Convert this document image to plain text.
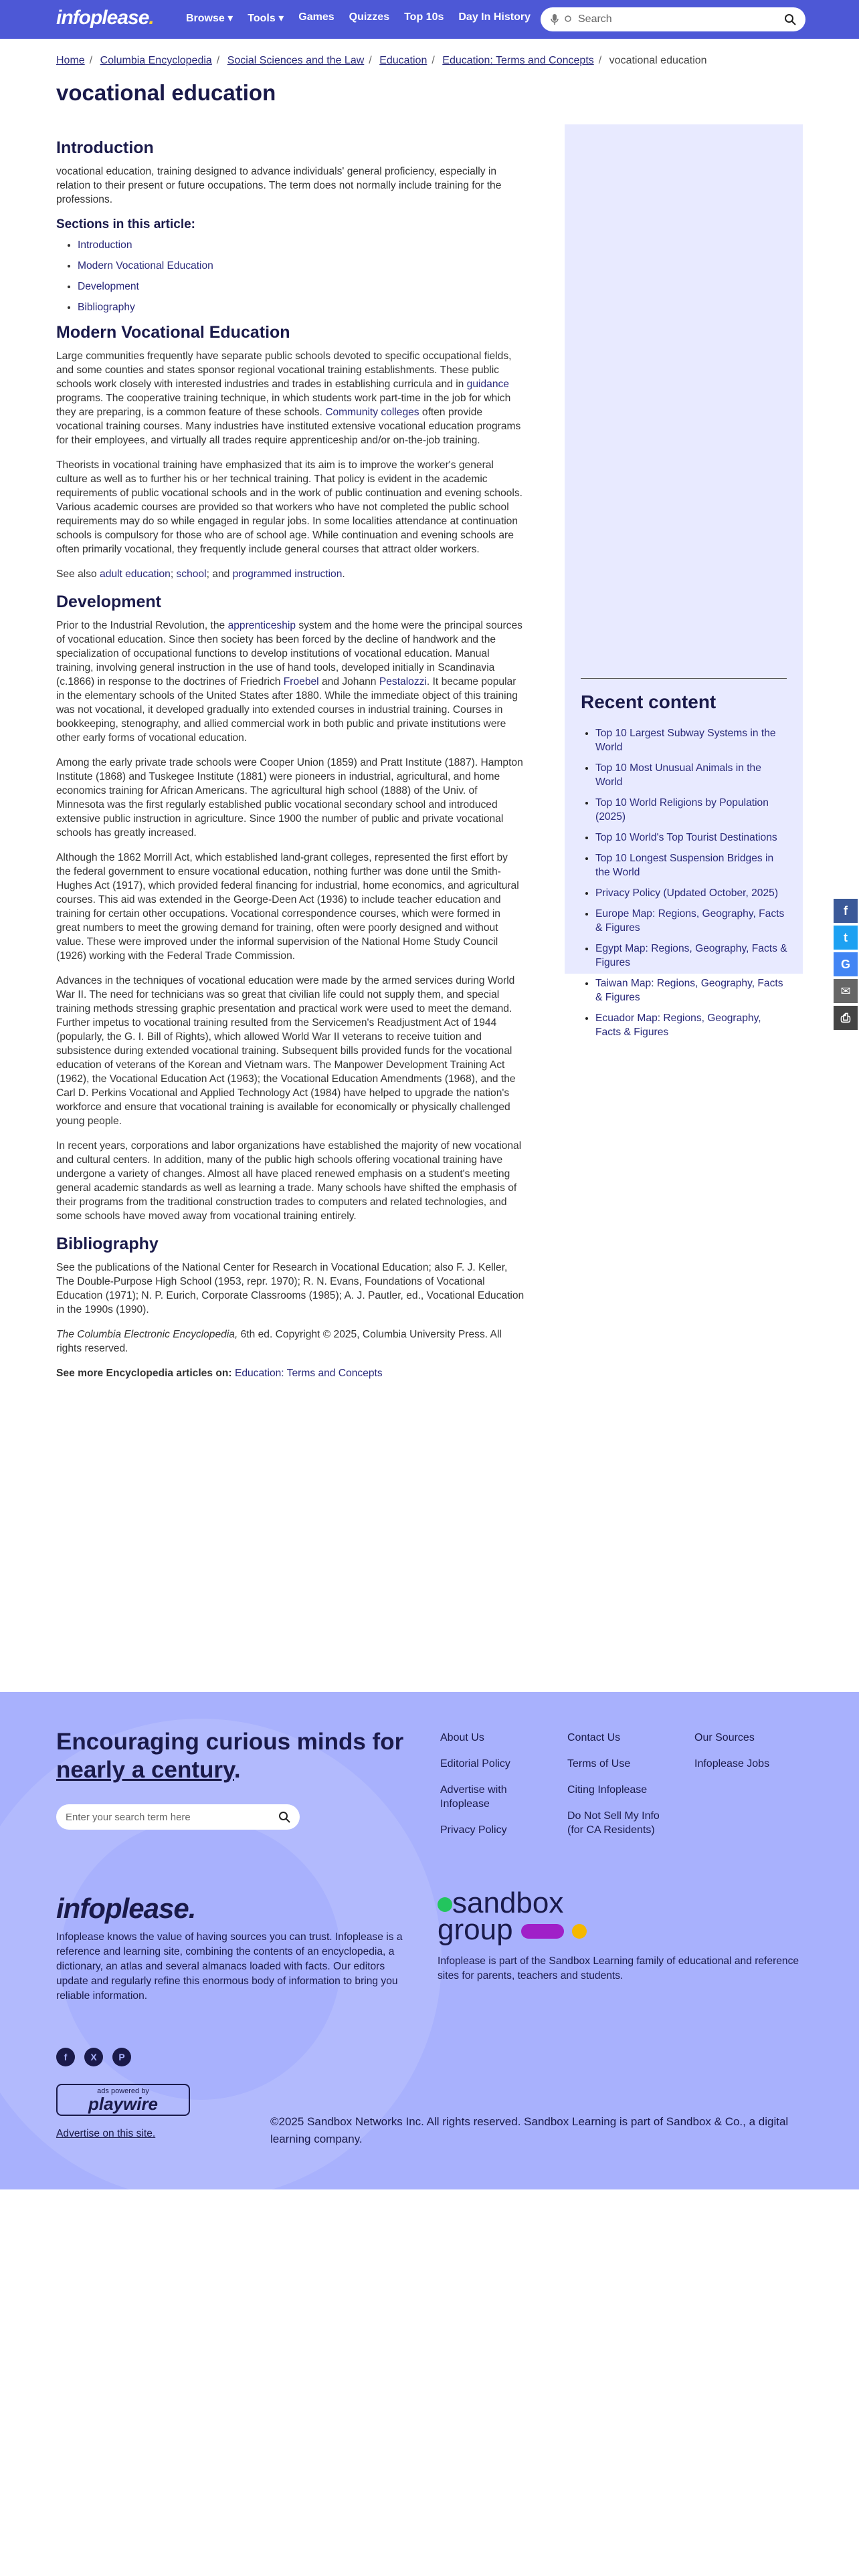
infoplease.	Browse ▾ Tools ▾ Games Quizzes Top 10s Day In History	Search
Home / Columbia Encyclopedia / Social Sciences and the Law / Education / Education: Terms and Concepts / vocational education
vocational education
Introduction

vocational education, training designed to advance individuals' general proficiency, especially in relation to their present or future occupations. The term does not normally include training for the professions.

Sections in this article:
• Introduction
• Modern Vocational Education
• Development
• Bibliography
Modern Vocational Education

Large communities frequently have separate public schools devoted to specific occupational fields, and some counties and states sponsor regional vocational training establishments. These public schools work closely with interested industries and trades in establishing curricula and in guidance programs. The cooperative training technique, in which students work part-time in the job for which they are preparing, is a common feature of these schools. Community colleges often provide vocational training courses. Many industries have instituted extensive vocational education programs for their employees, and virtually all trades require apprenticeship and/or on-the-job training.

Theorists in vocational training have emphasized that its aim is to improve the worker's general culture as well as to further his or her technical training. That policy is evident in the academic requirements of public vocational schools and in the work of public continuation and evening schools. Various academic courses are provided so that workers who have not completed the public school requirements may do so while engaged in regular jobs. In some localities attendance at continuation schools is compulsory for those who are of school age. While continuation and evening schools are often primarily vocational, they frequently include general courses that attract older workers.

See also adult education; school; and programmed instruction.

Development

Prior to the Industrial Revolution, the apprenticeship system and the home were the principal sources of vocational education. Since then society has been forced by the decline of handwork and the specialization of occupational functions to develop institutions of vocational education. Manual training, involving general instruction in the use of hand tools, developed initially in Scandinavia (c.1866) in response to the doctrines of Friedrich Froebel and Johann Pestalozzi. It became popular in the elementary schools of the United States after 1880. While the immediate object of this training was not vocational, it developed gradually into extended courses in industrial training. Courses in bookkeeping, stenography, and allied commercial work in both public and private institutions were other early forms of vocational education.

Among the early private trade schools were Cooper Union (1859) and Pratt Institute (1887). Hampton Institute (1868) and Tuskegee Institute (1881) were pioneers in industrial, agricultural, and home economics training for African Americans. The agricultural high school (1888) of the Univ. of Minnesota was the first regularly established public vocational secondary school and introduced extensive public instruction in agriculture. Since 1900 the number of public and private vocational schools has greatly increased.

Although the 1862 Morrill Act, which established land-grant colleges, represented the first effort by the federal government to ensure vocational education, nothing further was done until the Smith-Hughes Act (1917), which provided federal financing for industrial, home economics, and agricultural courses. This aid was extended in the George-Deen Act (1936) to include teacher education and training for certain other occupations. Vocational correspondence courses, which were formed in great numbers to meet the growing demand for training, often were poorly designed and without value. These were improved under the informal supervision of the National Home Study Council (1926) working with the Federal Trade Commission.

Advances in the techniques of vocational education were made by the armed services during World War II. The need for technicians was so great that civilian life could not supply them, and special training methods stressing graphic presentation and practical work were used to meet the demand. Further impetus to vocational training resulted from the Servicemen's Readjustment Act of 1944 (popularly, the G. I. Bill of Rights), which allowed World War II veterans to receive tuition and subsistence during extended vocational training. Subsequent bills provided funds for the vocational education of veterans of the Korean and Vietnam wars. The Manpower Development Training Act (1962), the Vocational Education Act (1963); the Vocational Education Amendments (1968), and the Carl D. Perkins Vocational and Applied Technology Act (1984) have helped to upgrade the nation's workforce and ensure that vocational training is available for economically or physically challenged young people.

In recent years, corporations and labor organizations have established the majority of new vocational and cultural centers. In addition, many of the public high schools offering vocational training have undergone a variety of changes. Almost all have placed renewed emphasis on a student's meeting general academic standards as well as learning a trade. Many schools have shifted the emphasis of their programs from the traditional construction trades to computers and related technologies, and some schools have moved away from vocational training entirely.

Bibliography

See the publications of the National Center for Research in Vocational Education; also F. J. Keller, The Double-Purpose High School (1953, repr. 1970); R. N. Evans, Foundations of Vocational Education (1971); N. P. Eurich, Corporate Classrooms (1985); A. J. Pautler, ed., Vocational Education in the 1990s (1990).

The Columbia Electronic Encyclopedia, 6th ed. Copyright © 2025, Columbia University Press. All rights reserved.

See more Encyclopedia articles on: Education: Terms and Concepts

Recent content
• Top 10 Largest Subway Systems in the World
• Top 10 Most Unusual Animals in the World
• Top 10 World Religions by Population (2025)
• Top 10 World's Top Tourist Destinations
• Top 10 Longest Suspension Bridges in the World
• Privacy Policy (Updated October, 2025)
• Europe Map: Regions, Geography, Facts & Figures
• Egypt Map: Regions, Geography, Facts & Figures
• Taiwan Map: Regions, Geography, Facts & Figures
• Ecuador Map: Regions, Geography, Facts & Figures
f
t
G
✉
⎙
Encouraging curious minds for nearly a century.
Enter your search term here
About Us
Editorial Policy
Advertise with Infoplease
Privacy Policy
Contact Us
Terms of Use
Citing Infoplease
Do Not Sell My Info (for CA Residents)
Our Sources
Infoplease Jobs
infoplease.
Infoplease knows the value of having sources you can trust. Infoplease is a reference and learning site, combining the contents of an encyclopedia, a dictionary, an atlas and several almanacs loaded with facts. Our editors update and regularly refine this enormous body of information to bring you reliable information.
sandbox
group
Infoplease is part of the Sandbox Learning family of educational and reference sites for parents, teachers and students.
f	X	P
ads powered by
playwire
Advertise on this site.
©2025 Sandbox Networks Inc. All rights reserved. Sandbox Learning is part of Sandbox & Co., a digital learning company.
